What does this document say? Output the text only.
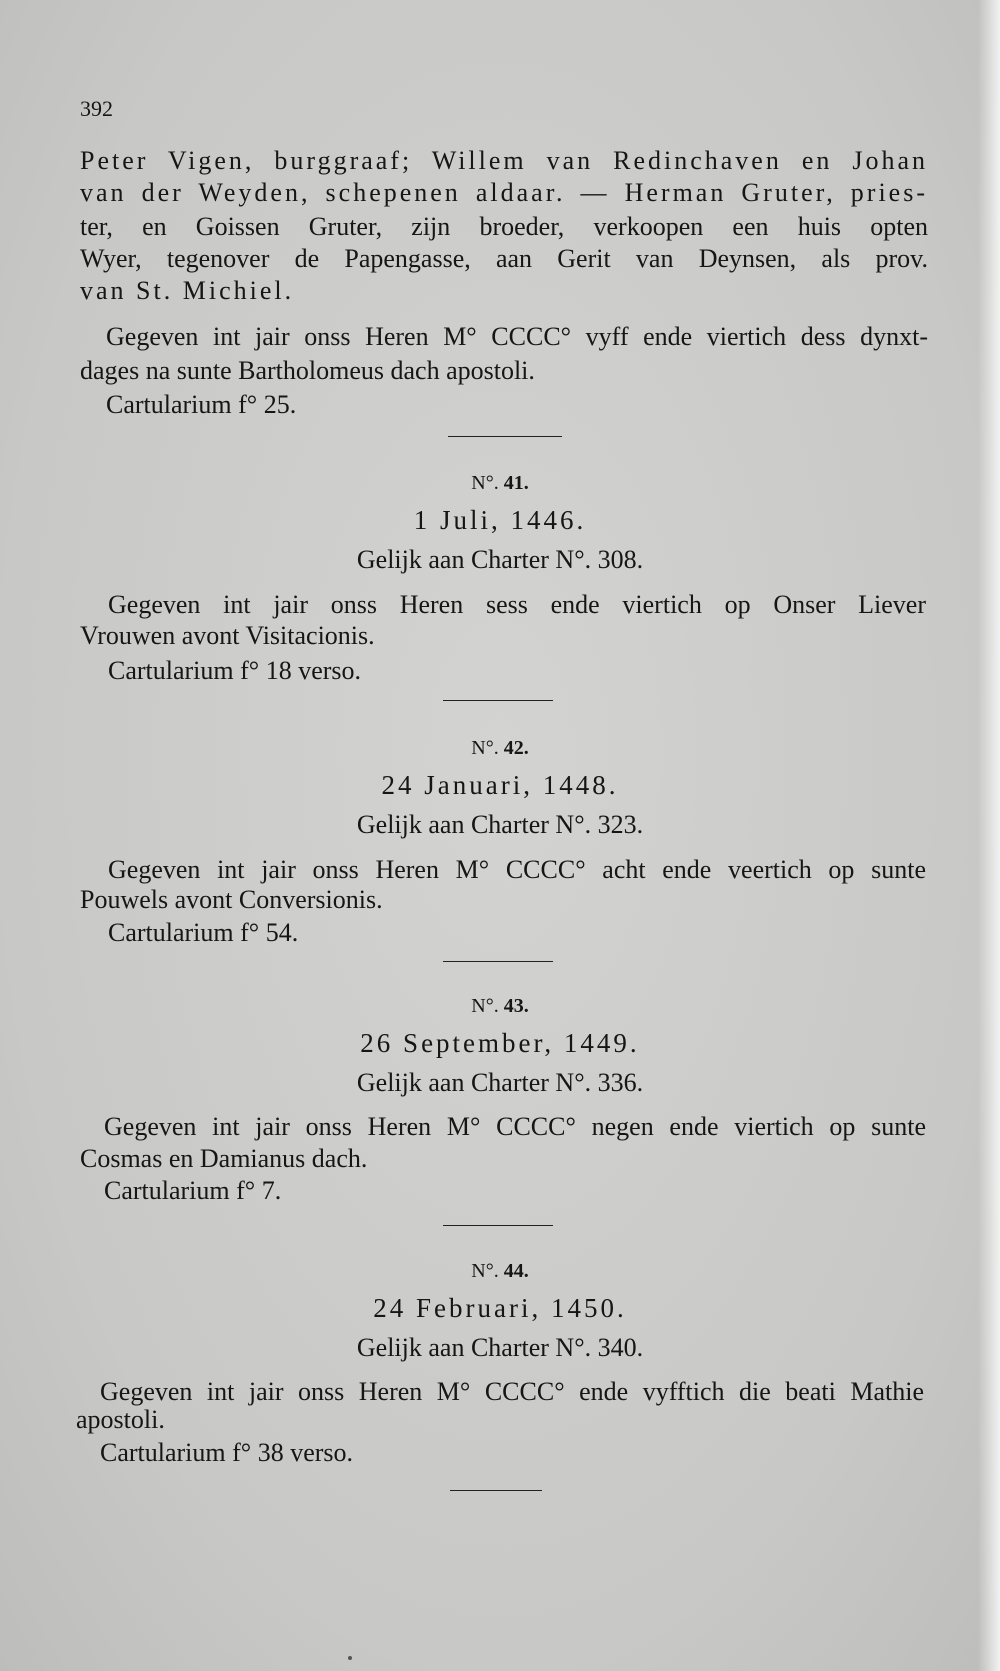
392
Peter Vigen, burggraaf; Willem van Redinchaven en Johan
van der Weyden, schepenen aldaar. — Herman Gruter, pries-
ter, en Goissen Gruter, zijn broeder, verkoopen een huis opten
Wyer, tegenover de Papengasse, aan Gerit van Deynsen, als prov.
van St. Michiel.
Gegeven int jair onss Heren M° CCCC° vyff ende viertich dess dynxt-
dages na sunte Bartholomeus dach apostoli.
Cartularium f° 25.
N°. 41.
1 Juli, 1446.
Gelijk aan Charter N°. 308.
Gegeven int jair onss Heren sess ende viertich op Onser Liever
Vrouwen avont Visitacionis.
Cartularium f° 18 verso.
N°. 42.
24 Januari, 1448.
Gelijk aan Charter N°. 323.
Gegeven int jair onss Heren M° CCCC° acht ende veertich op sunte
Pouwels avont Conversionis.
Cartularium f° 54.
N°. 43.
26 September, 1449.
Gelijk aan Charter N°. 336.
Gegeven int jair onss Heren M° CCCC° negen ende viertich op sunte
Cosmas en Damianus dach.
Cartularium f° 7.
N°. 44.
24 Februari, 1450.
Gelijk aan Charter N°. 340.
Gegeven int jair onss Heren M° CCCC° ende vyfftich die beati Mathie
apostoli.
Cartularium f° 38 verso.
